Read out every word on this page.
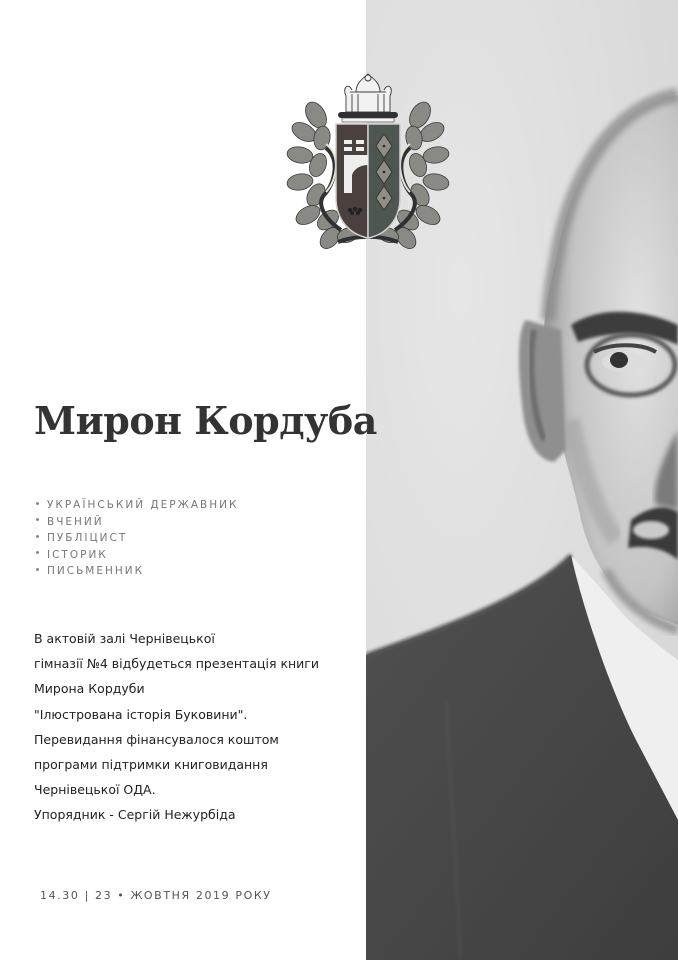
Мирон Кордуба
УКРАЇНСЬКИЙ ДЕРЖАВНИК
ВЧЕНИЙ
ПУБЛІЦИСТ
ІСТОРИК
ПИСЬМЕННИК

В актовій залі Чернівецької

гімназії №4 відбудеться презентація книги

Мирона Кордуби

"Ілюстрована історія Буковини".

Перевидання фінансувалося коштом

програми підтримки книговидання

Чернівецької ОДА.

Упорядник - Сергій Нежурбіда

14.30 | 23 • ЖОВТНЯ 2019 РОКУ
